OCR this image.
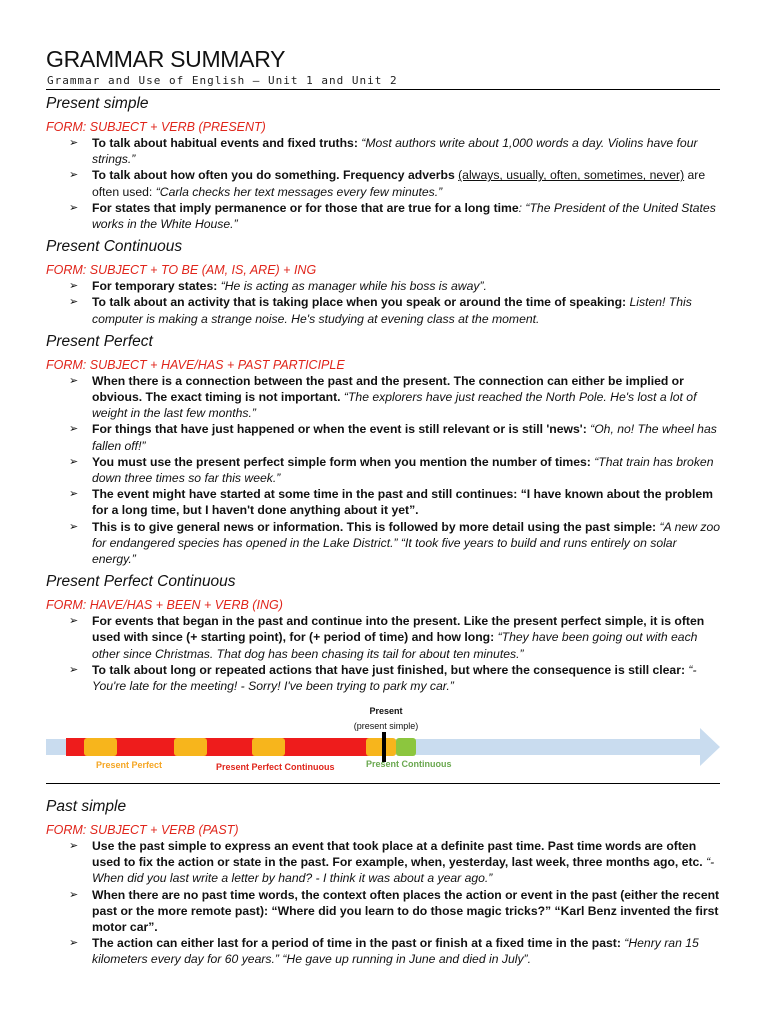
GRAMMAR SUMMARY
Grammar and Use of English – Unit 1 and Unit 2
Present simple

FORM: SUBJECT + VERB (PRESENT)

➢ To talk about habitual events and fixed truths: “Most authors write about 1,000 words a day. Violins have four strings.”
➢ To talk about how often you do something. Frequency adverbs (always, usually, often, sometimes, never) are often used: “Carla checks her text messages every few minutes.”
➢ For states that imply permanence or for those that are true for a long time: “The President of the United States works in the White House.”
Present Continuous

FORM: SUBJECT + TO BE (AM, IS, ARE) + ING

➢ For temporary states: “He is acting as manager while his boss is away”.
➢ To talk about an activity that is taking place when you speak or around the time of speaking: Listen! This computer is making a strange noise. He's studying at evening class at the moment.
Present Perfect

FORM: SUBJECT + HAVE/HAS + PAST PARTICIPLE

➢ When there is a connection between the past and the present. The connection can either be implied or obvious. The exact timing is not important. “The explorers have just reached the North Pole. He's lost a lot of weight in the last few months.”
➢ For things that have just happened or when the event is still relevant or is still 'news': “Oh, no! The wheel has fallen off!”
➢ You must use the present perfect simple form when you mention the number of times: “That train has broken down three times so far this week.”
➢ The event might have started at some time in the past and still continues: “I have known about the problem for a long time, but I haven't done anything about it yet”.
➢ This is to give general news or information. This is followed by more detail using the past simple: “A new zoo for endangered species has opened in the Lake District.” “It took five years to build and runs entirely on solar energy.”
Present Perfect Continuous

FORM: HAVE/HAS + BEEN + VERB (ING)

➢ For events that began in the past and continue into the present. Like the present perfect simple, it is often used with since (+ starting point), for (+ period of time) and how long: “They have been going out with each other since Christmas. That dog has been chasing its tail for about ten minutes.”
➢ To talk about long or repeated actions that have just finished, but where the consequence is still clear: “- You're late for the meeting! - Sorry! I've been trying to park my car.”
Present
(present simple)
Present Perfect	Present Perfect Continuous	Present Continuous
Past simple

FORM: SUBJECT + VERB (PAST)

➢ Use the past simple to express an event that took place at a definite past time. Past time words are often used to fix the action or state in the past. For example, when, yesterday, last week, three months ago, etc. “- When did you last write a letter by hand? - I think it was about a year ago.”
➢ When there are no past time words, the context often places the action or event in the past (either the recent past or the more remote past): “Where did you learn to do those magic tricks?” “Karl Benz invented the first motor car”.
➢ The action can either last for a period of time in the past or finish at a fixed time in the past: “Henry ran 15 kilometers every day for 60 years.” “He gave up running in June and died in July”.
